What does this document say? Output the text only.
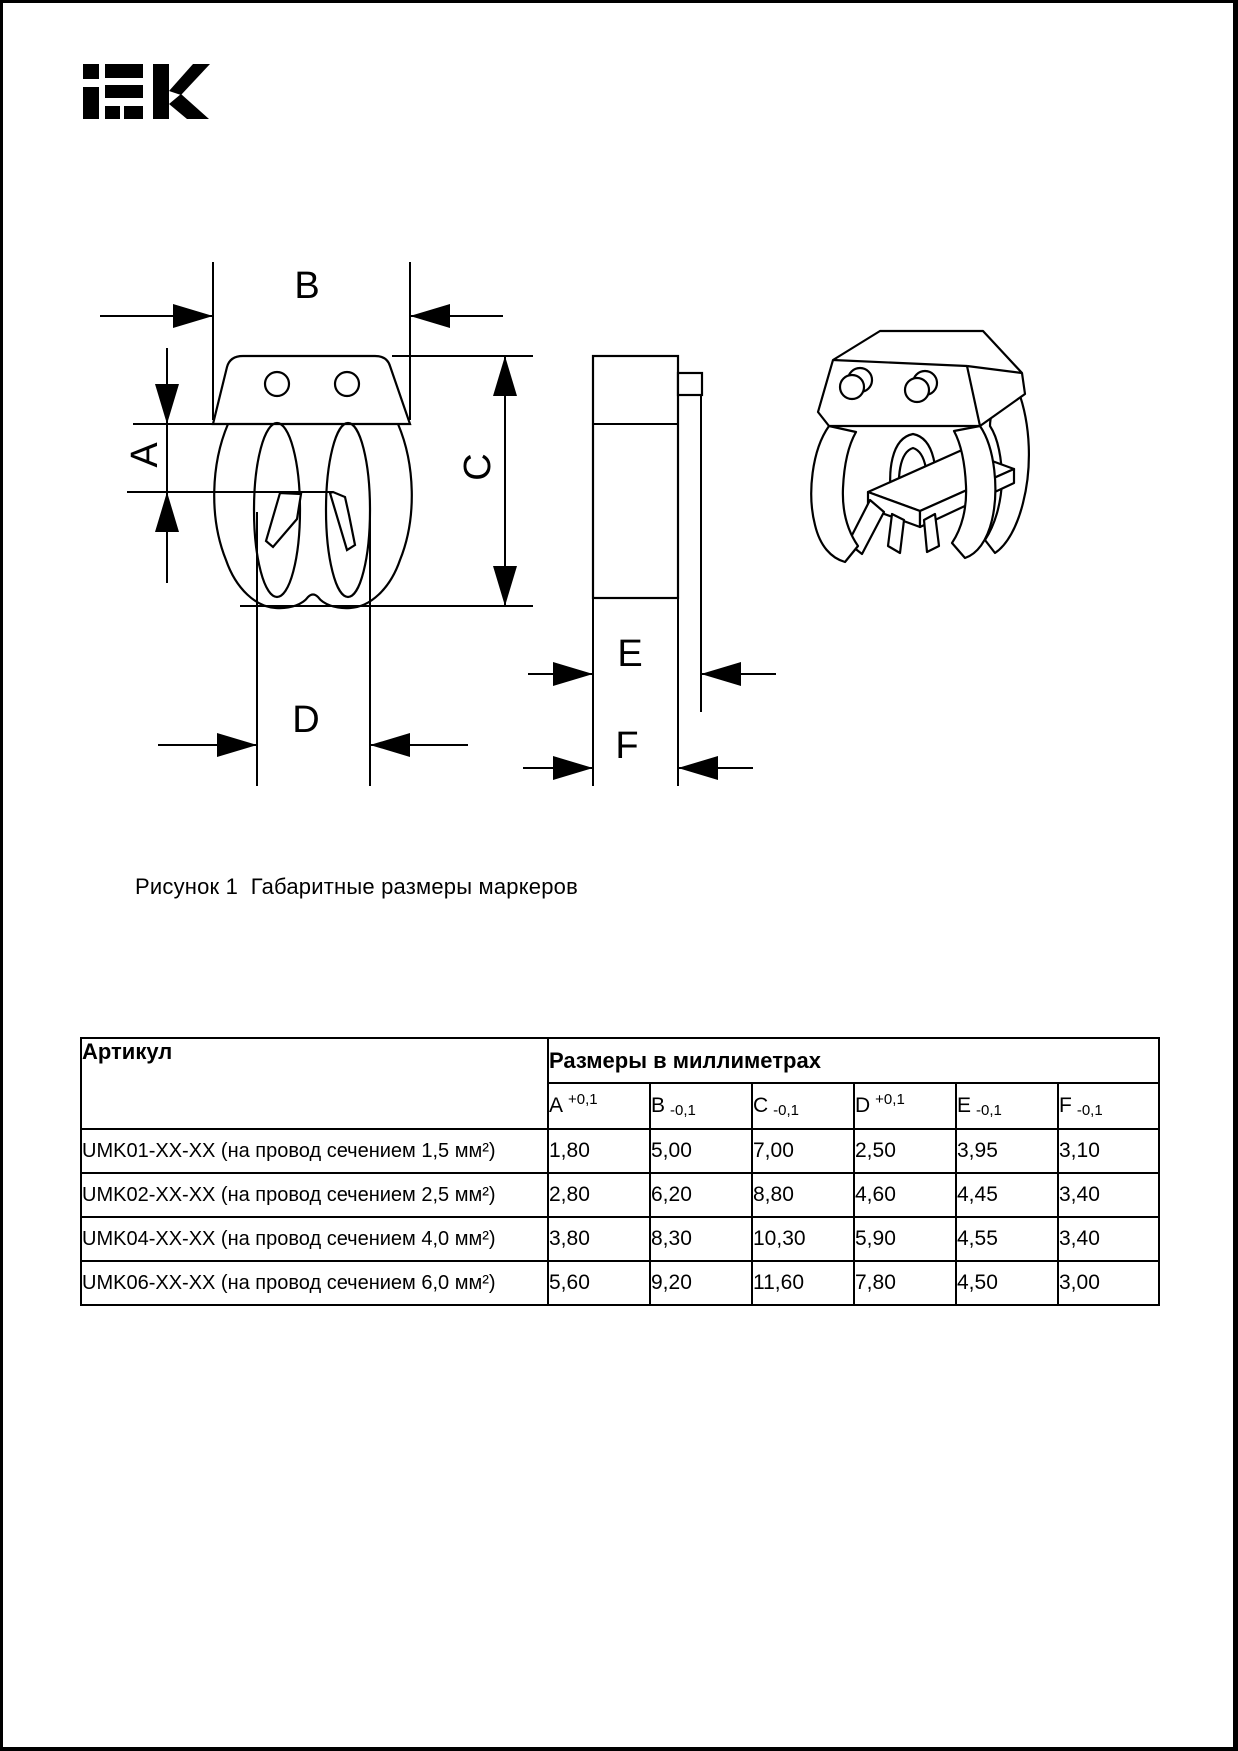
B
A	C
D
E
F
Рисунок 1  Габаритные размеры маркеров
Артикул	Размеры в миллиметрах					
	A $^{+0,1}$	B -0,1	C -0,1	D $^{+0,1}$	E -0,1	F -0,1
UMK01-XX-XX (на провод сечением 1,5 мм²)	1,80	5,00	7,00	2,50	3,95	3,10
UMK02-XX-XX (на провод сечением 2,5 мм²)	2,80	6,20	8,80	4,60	4,45	3,40
UMK04-XX-XX (на провод сечением 4,0 мм²)	3,80	8,30	10,30	5,90	4,55	3,40
UMK06-XX-XX (на провод сечением 6,0 мм²)	5,60	9,20	11,60	7,80	4,50	3,00
